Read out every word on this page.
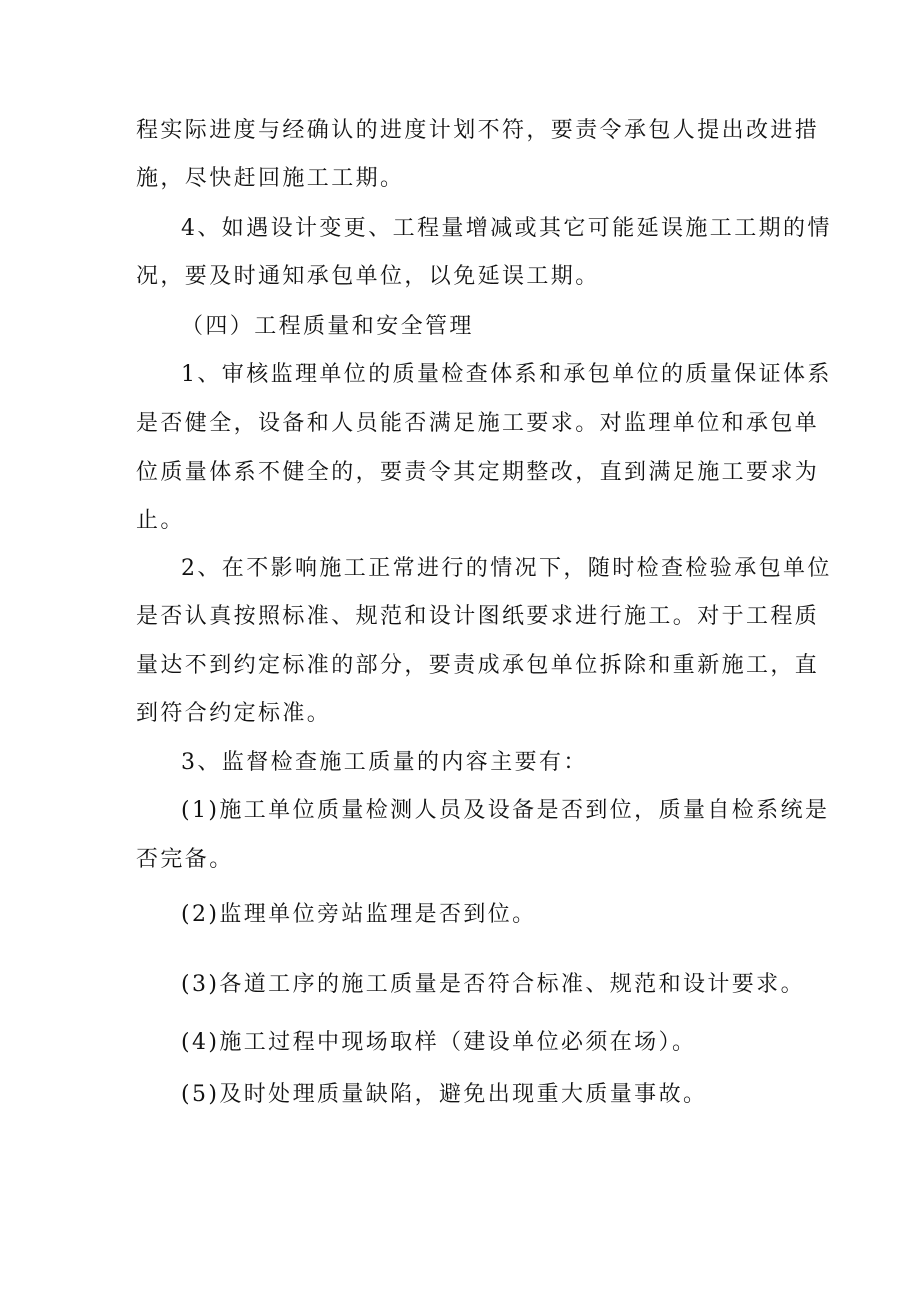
程实际进度与经确认的进度计划不符，要责令承包人提出改进措
施，尽快赶回施工工期。
4、如遇设计变更、工程量增减或其它可能延误施工工期的情
况，要及时通知承包单位，以免延误工期。
（四）工程质量和安全管理
1、审核监理单位的质量检查体系和承包单位的质量保证体系
是否健全，设备和人员能否满足施工要求。对监理单位和承包单
位质量体系不健全的，要责令其定期整改，直到满足施工要求为
止。
2、在不影响施工正常进行的情况下，随时检查检验承包单位
是否认真按照标准、规范和设计图纸要求进行施工。对于工程质
量达不到约定标准的部分，要责成承包单位拆除和重新施工，直
到符合约定标准。
3、监督检查施工质量的内容主要有：
(1)施工单位质量检测人员及设备是否到位，质量自检系统是
否完备。
(2)监理单位旁站监理是否到位。
(3)各道工序的施工质量是否符合标准、规范和设计要求。
(4)施工过程中现场取样（建设单位必须在场）。
(5)及时处理质量缺陷，避免出现重大质量事故。
